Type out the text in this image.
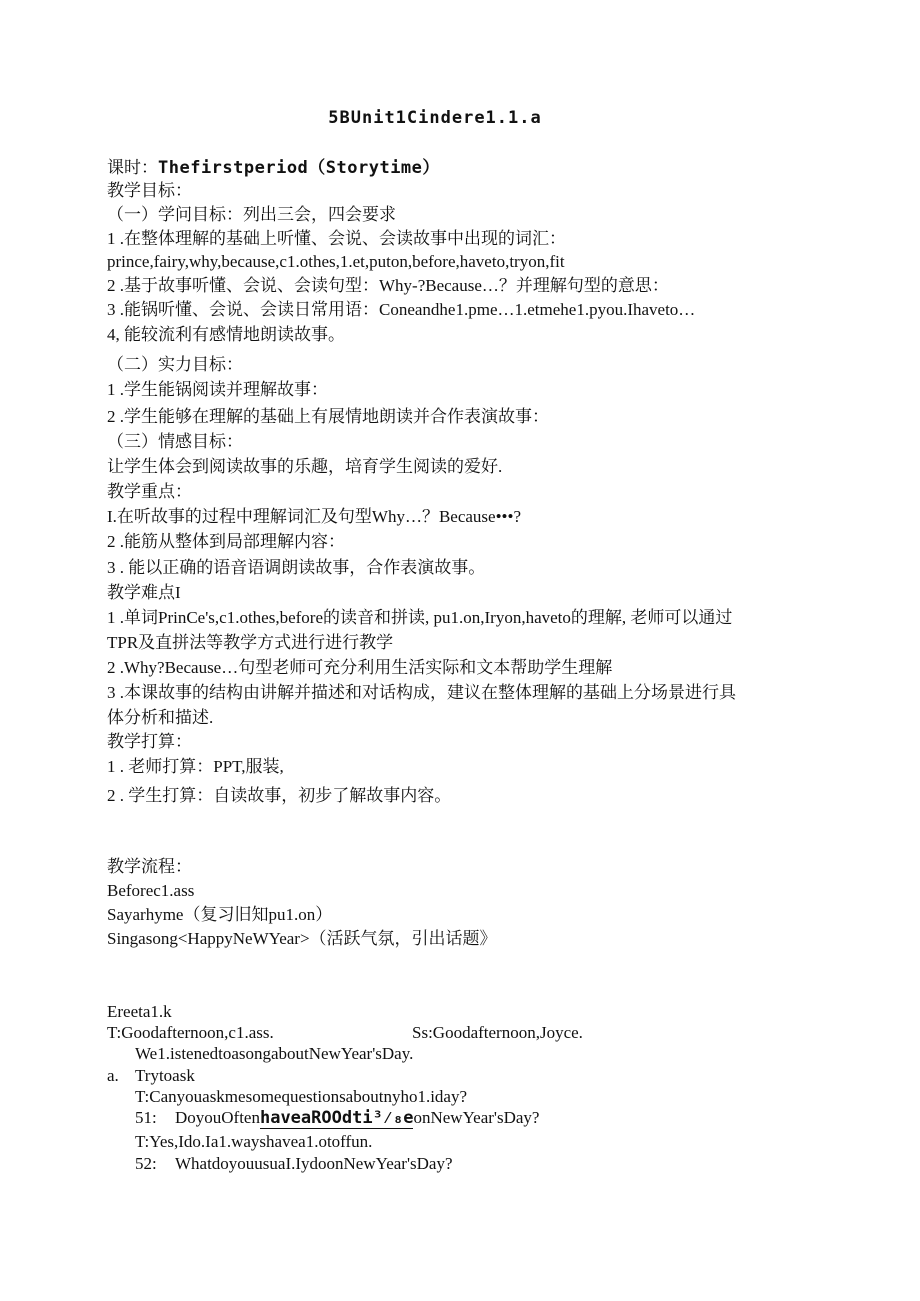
5BUnit1Cindere1.1.a
课时：Thefirstperiod（Storytime）
教学目标：
（一）学问目标：列出三会，四会要求
1 .在整体理解的基础上听懂、会说、会读故事中出现的词汇：
prince,fairy,why,because,c1.othes,1.et,puton,before,haveto,tryon,fit
2 .基于故事听懂、会说、会读句型：Why-?Because…？并理解句型的意思：
3 .能锅听懂、会说、会读日常用语：Coneandhe1.pme…1.etmehe1.pyou.Ihaveto…
4, 能较流利有感情地朗读故事。
（二）实力目标：
1 .学生能锅阅读并理解故事：
2 .学生能够在理解的基础上有展情地朗读并合作表演故事：
（三）情感目标：
让学生体会到阅读故事的乐趣，培育学生阅读的爱好.
教学重点：
I.在听故事的过程中理解词汇及句型Why…？Because•••?
2 .能筋从整体到局部理解内容：
3 . 能以正确的语音语调朗读故事，合作表演故事。
教学难点I
1 .单词PrinCe's,c1.othes,before的读音和拼读, pu1.on,Iryon,haveto的理解, 老师可以通过
TPR及直拼法等教学方式进行进行教学
2 .Why?Because…句型老师可充分利用生活实际和文本帮助学生理解
3 .本课故事的结构由讲解并描述和对话构成，建议在整体理解的基础上分场景进行具
体分析和描述.
教学打算：
1 . 老师打算：PPT,服装,
2 . 学生打算：自读故事，初步了解故事内容。
教学流程：
Beforec1.ass
Sayarhyme（复习旧知pu1.on）
Singasong<HappyNeWYear>（活跃气氛，引出话题》
Ereeta1.k
T:Goodafternoon,c1.ass.	Ss:Goodafternoon,Joyce.
We1.istenedtoasongaboutNewYear'sDay.
a. Trytoask
T:Canyouaskmesomequestionsaboutnyho1.iday?
51: DoyouOftenhaveaROOdti³⁄₈eonNewYear'sDay?
T:Yes,Ido.Ia1.wayshavea1.otoffun.
52: WhatdoyouusuaI.IydoonNewYear'sDay?
